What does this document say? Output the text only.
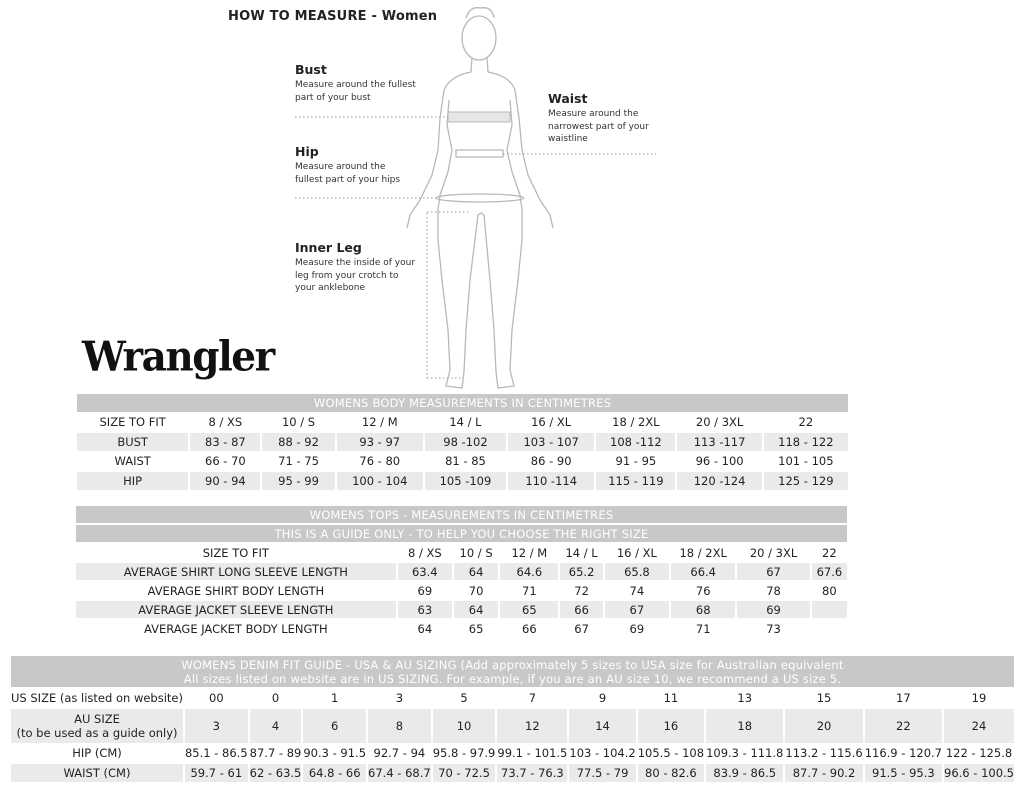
HOW TO MEASURE - Women
Bust
Measure around the fullest
part of your bust	Waist
Measure around the
narrowest part of your
waistline
Hip
Measure around the
fullest part of your hips
Inner Leg
Measure the inside of your
leg from your crotch to
your anklebone
Wrangler
WOMENS BODY MEASUREMENTS IN CENTIMETRES								
SIZE TO FIT	8 / XS	10 / S	12 / M	14 / L	16 / XL	18 / 2XL	20 / 3XL	22
BUST	83 - 87	88 - 92	93 - 97	98 -102	103 - 107	108 -112	113 -117	118 - 122
WAIST	66 - 70	71 - 75	76 - 80	81 - 85	86 - 90	91 - 95	96 - 100	101 - 105
HIP	90 - 94	95 - 99	100 - 104	105 -109	110 -114	115 - 119	120 -124	125 - 129
WOMENS TOPS - MEASUREMENTS IN CENTIMETRES								
THIS IS A GUIDE ONLY - TO HELP YOU CHOOSE THE RIGHT SIZE								
SIZE TO FIT	8 / XS	10 / S	12 / M	14 / L	16 / XL	18 / 2XL	20 / 3XL	22
AVERAGE SHIRT LONG SLEEVE LENGTH	63.4	64	64.6	65.2	65.8	66.4	67	67.6
AVERAGE SHIRT BODY LENGTH	69	70	71	72	74	76	78	80
AVERAGE JACKET SLEEVE LENGTH	63	64	65	66	67	68	69	
AVERAGE JACKET BODY LENGTH	64	65	66	67	69	71	73	
WOMENS DENIM FIT GUIDE - USA & AU SIZING (Add approximately 5 sizes to USA size for Australian equivalent
All sizes listed on website are in US SIZING. For example, if you are an AU size 10, we recommend a US size 5.												

US SIZE (as listed on website)	00	0	1	3	5	7	9	11	13	15	17	19

AU SIZE
(to be used as a guide only)	3	4	6	8	10	12	14	16	18	20	22	24
HIP (CM)	85.1 - 86.5	87.7 - 89	90.3 - 91.5	92.7 - 94	95.8 - 97.9	99.1 - 101.5	103 - 104.2	105.5 - 108	109.3 - 111.8	113.2 - 115.6	116.9 - 120.7	122 - 125.8
WAIST (CM)	59.7 - 61	62 - 63.5	64.8 - 66	67.4 - 68.7	70 - 72.5	73.7 - 76.3	77.5 - 79	80 - 82.6	83.9 - 86.5	87.7 - 90.2	91.5 - 95.3	96.6 - 100.5
